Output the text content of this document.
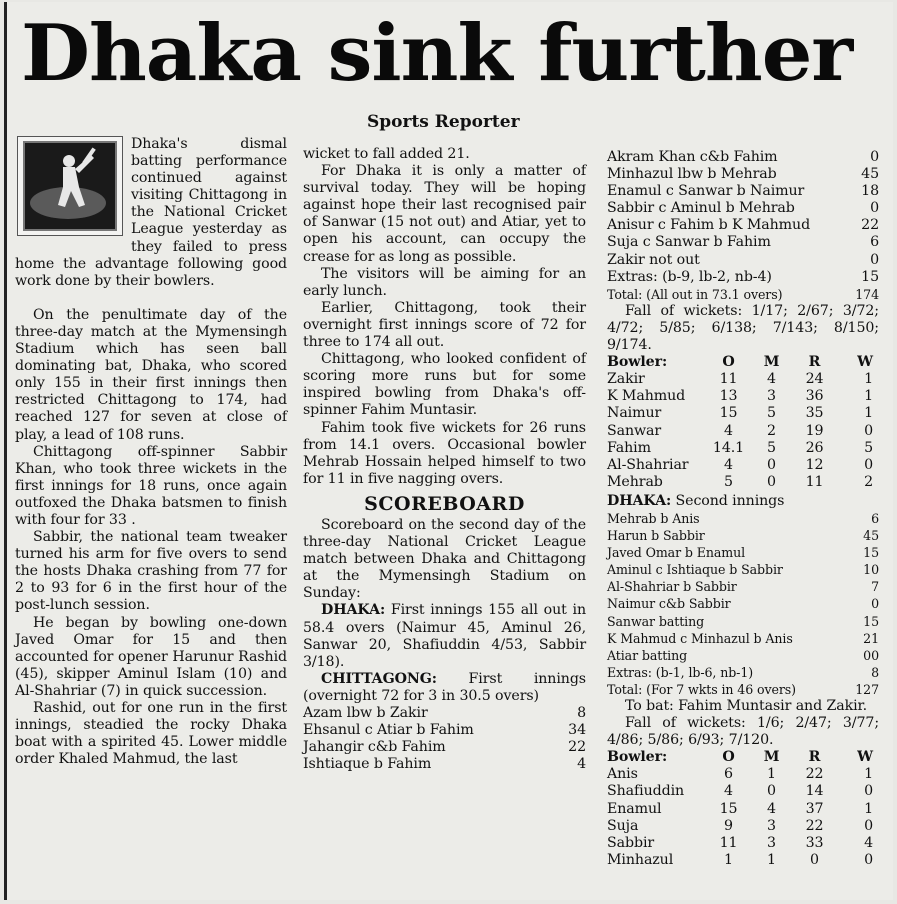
Dhaka sink further
Sports Reporter

Dhaka's dismal batting performance continued against visiting Chittagong in the National Cricket League yesterday as they failed to press home the advantage following good work done by their bowlers.

On the penultimate day of the three-day match at the Mymensingh Stadium which has seen ball dominating bat, Dhaka, who scored only 155 in their first innings then restricted Chittagong to 174, had reached 127 for seven at close of play, a lead of 108 runs.

Chittagong off-spinner Sabbir Khan, who took three wickets in the first innings for 18 runs, once again outfoxed the Dhaka batsmen to finish with four for 33 .

Sabbir, the national team tweaker turned his arm for five overs to send the hosts Dhaka crashing from 77 for 2 to 93 for 6 in the first hour of the post-lunch session.

He began by bowling one-down Javed Omar for 15 and then accounted for opener Harunur Rashid (45), skipper Aminul Islam (10) and Al-Shahriar (7) in quick succession.

Rashid, out for one run in the first innings, steadied the rocky Dhaka boat with a spirited 45. Lower middle order Khaled Mahmud, the last

wicket to fall added 21.

For Dhaka it is only a matter of survival today. They will be hoping against hope their last recognised pair of Sanwar (15 not out) and Atiar, yet to open his account, can occupy the crease for as long as possible.

The visitors will be aiming for an early lunch.

Earlier, Chittagong, took their overnight first innings score of 72 for three to 174 all out.

Chittagong, who looked confident of scoring more runs but for some inspired bowling from Dhaka's off-spinner Fahim Muntasir.

Fahim took five wickets for 26 runs from 14.1 overs. Occasional bowler Mehrab Hossain helped himself to two for 11 in five nagging overs.

SCOREBOARD

Scoreboard on the second day of the three-day National Cricket League match between Dhaka and Chittagong at the Mymensingh Stadium on Sunday:

DHAKA: First innings 155 all out in 58.4 overs (Naimur 45, Aminul 26, Sanwar 20, Shafiuddin 4/53, Sabbir 3/18).

CHITTAGONG: First innings (overnight 72 for 3 in 30.5 overs)

Azam lbw b Zakir	8
Ehsanul c Atiar b Fahim	34
Jahangir c&b Fahim	22
Ishtiaque b Fahim	4
Akram Khan c&b Fahim	0
Minhazul lbw b Mehrab	45
Enamul c Sanwar b Naimur	18
Sabbir c Aminul b Mehrab	0
Anisur c Fahim b K Mahmud	22
Suja c Sanwar b Fahim	6
Zakir not out	0
Extras: (b-9, lb-2, nb-4)	15
Total: (All out in 73.1 overs)	174

Fall of wickets: 1/17; 2/67; 3/72; 4/72; 5/85; 6/138; 7/143; 8/150; 9/174.

Bowler:	O	M	R	W
Zakir	11	4	24	1
K Mahmud	13	3	36	1
Naimur	15	5	35	1
Sanwar	4	2	19	0
Fahim	14.1	5	26	5
Al-Shahriar	4	0	12	0
Mehrab	5	0	11	2
DHAKA: Second innings
Mehrab b Anis	6
Harun b Sabbir	45
Javed Omar b Enamul	15
Aminul c Ishtiaque b Sabbir	10
Al-Shahriar b Sabbir	7
Naimur c&b Sabbir	0
Sanwar batting	15
K Mahmud c Minhazul b Anis	21
Atiar batting	00
Extras: (b-1, lb-6, nb-1)	8
Total: (For 7 wkts in 46 overs)	127

To bat: Fahim Muntasir and Zakir.

Fall of wickets: 1/6; 2/47; 3/77; 4/86; 5/86; 6/93; 7/120.

Bowler:	O	M	R	W
Anis	6	1	22	1
Shafiuddin	4	0	14	0
Enamul	15	4	37	1
Suja	9	3	22	0
Sabbir	11	3	33	4
Minhazul	1	1	0	0
